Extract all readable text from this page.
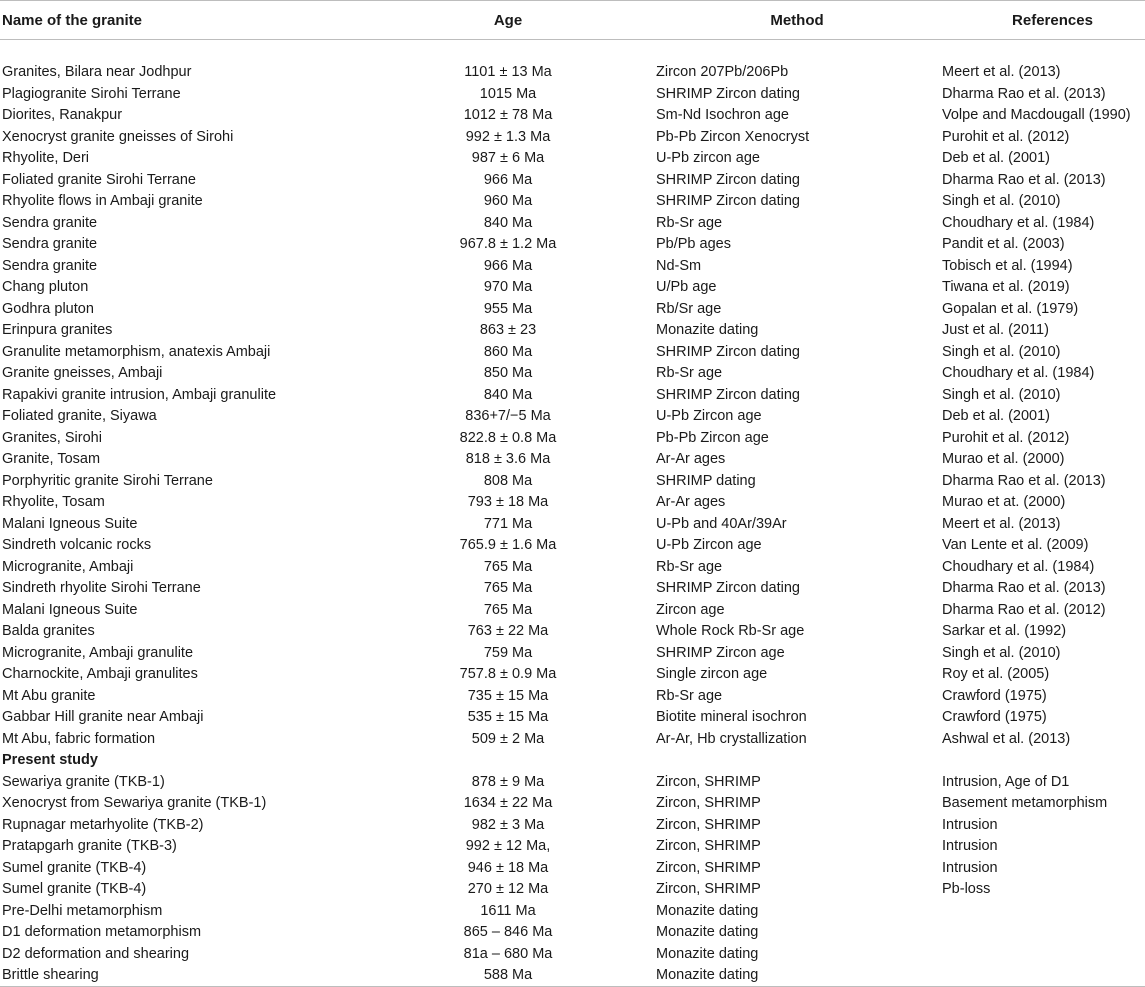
Name of the granite	Age	Method	References

Granites, Bilara near Jodhpur	1101 ± 13 Ma	Zircon 207Pb/206Pb	Meert et al. (2013)
Plagiogranite Sirohi Terrane	1015 Ma	SHRIMP Zircon dating	Dharma Rao et al. (2013)
Diorites, Ranakpur	1012 ± 78 Ma	Sm-Nd Isochron age	Volpe and Macdougall (1990)
Xenocryst granite gneisses of Sirohi	992 ± 1.3 Ma	Pb-Pb Zircon Xenocryst	Purohit et al. (2012)
Rhyolite, Deri	987 ± 6 Ma	U-Pb zircon age	Deb et al. (2001)
Foliated granite Sirohi Terrane	966 Ma	SHRIMP Zircon dating	Dharma Rao et al. (2013)
Rhyolite flows in Ambaji granite	960 Ma	SHRIMP Zircon dating	Singh et al. (2010)
Sendra granite	840 Ma	Rb-Sr age	Choudhary et al. (1984)
Sendra granite	967.8 ± 1.2 Ma	Pb/Pb ages	Pandit et al. (2003)
Sendra granite	966 Ma	Nd-Sm	Tobisch et al. (1994)
Chang pluton	970 Ma	U/Pb age	Tiwana et al. (2019)
Godhra pluton	955 Ma	Rb/Sr age	Gopalan et al. (1979)
Erinpura granites	863 ± 23	Monazite dating	Just et al. (2011)
Granulite metamorphism, anatexis Ambaji	860 Ma	SHRIMP Zircon dating	Singh et al. (2010)
Granite gneisses, Ambaji	850 Ma	Rb-Sr age	Choudhary et al. (1984)
Rapakivi granite intrusion, Ambaji granulite	840 Ma	SHRIMP Zircon dating	Singh et al. (2010)
Foliated granite, Siyawa	836+7/−5 Ma	U-Pb Zircon age	Deb et al. (2001)
Granites, Sirohi	822.8 ± 0.8 Ma	Pb-Pb Zircon age	Purohit et al. (2012)
Granite, Tosam	818 ± 3.6 Ma	Ar-Ar ages	Murao et al. (2000)
Porphyritic granite Sirohi Terrane	808 Ma	SHRIMP dating	Dharma Rao et al. (2013)
Rhyolite, Tosam	793 ± 18 Ma	Ar-Ar ages	Murao et at. (2000)
Malani Igneous Suite	771 Ma	U-Pb and 40Ar/39Ar	Meert et al. (2013)
Sindreth volcanic rocks	765.9 ± 1.6 Ma	U-Pb Zircon age	Van Lente et al. (2009)
Microgranite, Ambaji	765 Ma	Rb-Sr age	Choudhary et al. (1984)
Sindreth rhyolite Sirohi Terrane	765 Ma	SHRIMP Zircon dating	Dharma Rao et al. (2013)
Malani Igneous Suite	765 Ma	Zircon age	Dharma Rao et al. (2012)
Balda granites	763 ± 22 Ma	Whole Rock Rb-Sr age	Sarkar et al. (1992)
Microgranite, Ambaji granulite	759 Ma	SHRIMP Zircon age	Singh et al. (2010)
Charnockite, Ambaji granulites	757.8 ± 0.9 Ma	Single zircon age	Roy et al. (2005)
Mt Abu granite	735 ± 15 Ma	Rb-Sr age	Crawford (1975)
Gabbar Hill granite near Ambaji	535 ± 15 Ma	Biotite mineral isochron	Crawford (1975)
Mt Abu, fabric formation	509 ± 2 Ma	Ar-Ar, Hb crystallization	Ashwal et al. (2013)
Present study			
Sewariya granite (TKB-1)	878 ± 9 Ma	Zircon, SHRIMP	Intrusion, Age of D1
Xenocryst from Sewariya granite (TKB-1)	1634 ± 22 Ma	Zircon, SHRIMP	Basement metamorphism
Rupnagar metarhyolite (TKB-2)	982 ± 3 Ma	Zircon, SHRIMP	Intrusion
Pratapgarh granite (TKB-3)	992 ± 12 Ma,	Zircon, SHRIMP	Intrusion
Sumel granite (TKB-4)	946 ± 18 Ma	Zircon, SHRIMP	Intrusion
Sumel granite (TKB-4)	270 ± 12 Ma	Zircon, SHRIMP	Pb-loss
Pre-Delhi metamorphism	1611 Ma	Monazite dating	
D1 deformation metamorphism	865 – 846 Ma	Monazite dating	
D2 deformation and shearing	81a – 680 Ma	Monazite dating	
Brittle shearing	588 Ma	Monazite dating	
